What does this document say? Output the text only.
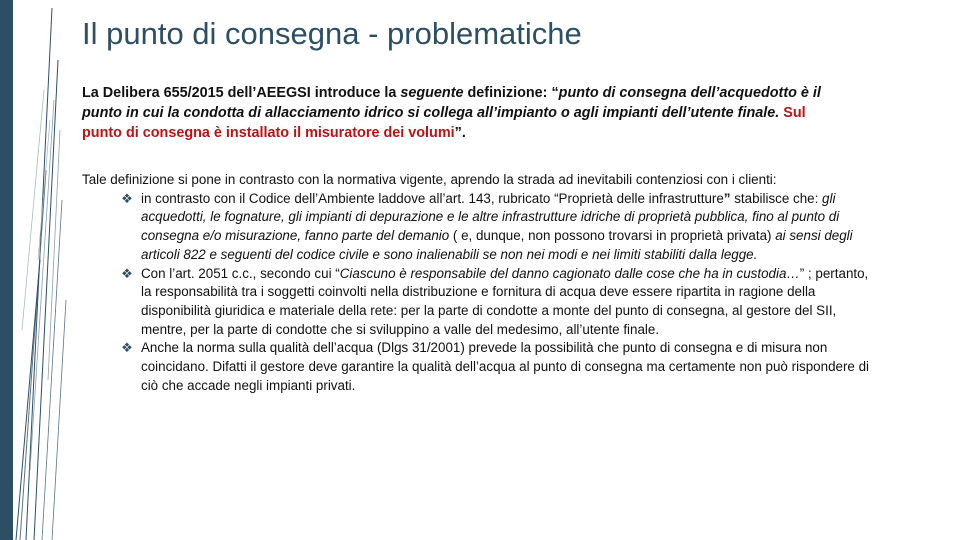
Il punto di consegna - problematiche

La Delibera 655/2015 dell’AEEGSI introduce la seguente definizione: “punto di consegna dell’acquedotto è il punto in cui la condotta di allacciamento idrico si collega all’impianto o agli impianti dell’utente finale. Sul punto di consegna è installato il misuratore dei volumi”.

Tale definizione si pone in contrasto con la normativa vigente, aprendo la strada ad inevitabili contenziosi con i clienti:

❖ in contrasto con il Codice dell’Ambiente laddove all’art. 143, rubricato “Proprietà delle infrastrutture” stabilisce che: gli acquedotti, le fognature, gli impianti di depurazione e le altre infrastrutture idriche di proprietà pubblica, fino al punto di consegna e/o misurazione, fanno parte del demanio ( e, dunque, non possono trovarsi in proprietà privata) ai sensi degli articoli 822 e seguenti del codice civile e sono inalienabili se non nei modi e nei limiti stabiliti dalla legge.
❖ Con l’art. 2051 c.c., secondo cui “Ciascuno è responsabile del danno cagionato dalle cose che ha in custodia…” ; pertanto, la responsabilità tra i soggetti coinvolti nella distribuzione e fornitura di acqua deve essere ripartita in ragione della disponibilità giuridica e materiale della rete: per la parte di condotte a monte del punto di consegna, al gestore del SII, mentre, per la parte di condotte che si sviluppino a valle del medesimo, all’utente finale.
❖ Anche la norma sulla qualità dell’acqua (Dlgs 31/2001) prevede la possibilità che punto di consegna e di misura non coincidano. Difatti il gestore deve garantire la qualità dell’acqua al punto di consegna ma certamente non può rispondere di ciò che accade negli impianti privati.
